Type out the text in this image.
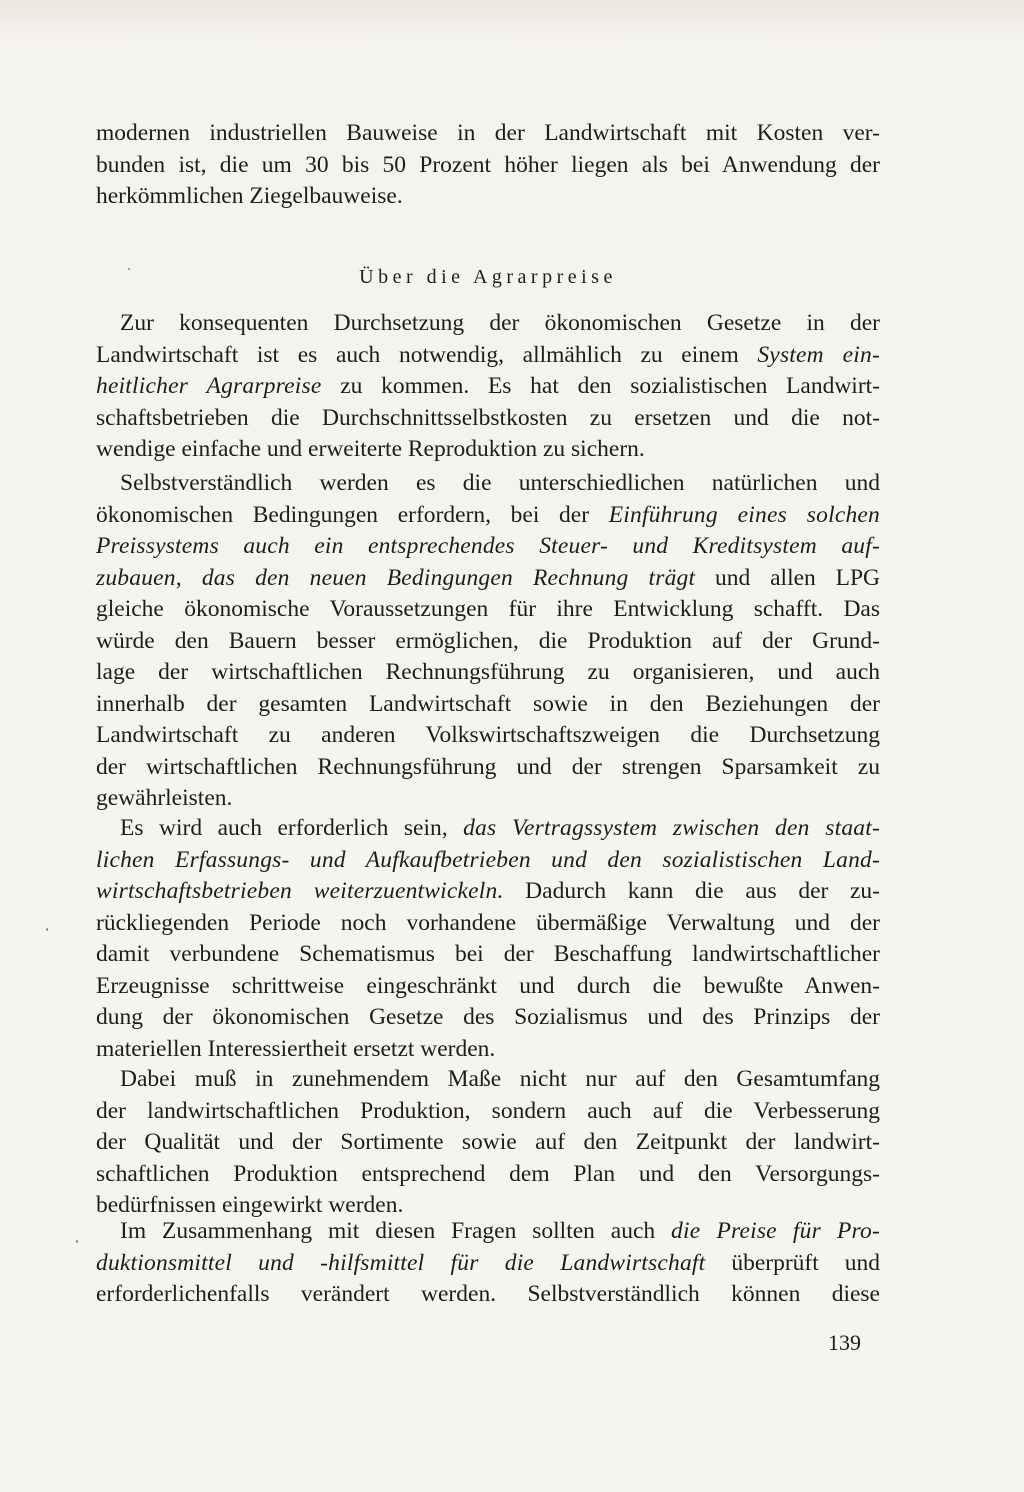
modernen industriellen Bauweise in der Landwirtschaft mit Kosten ver-
bunden ist, die um 30 bis 50 Prozent höher liegen als bei Anwendung der
herkömmlichen Ziegelbauweise.
Über die Agrarpreise
Zur konsequenten Durchsetzung der ökonomischen Gesetze in der
Landwirtschaft ist es auch notwendig, allmählich zu einem System ein-
heitlicher Agrarpreise zu kommen. Es hat den sozialistischen Landwirt-
schaftsbetrieben die Durchschnittsselbstkosten zu ersetzen und die not-
wendige einfache und erweiterte Reproduktion zu sichern.
Selbstverständlich werden es die unterschiedlichen natürlichen und
ökonomischen Bedingungen erfordern, bei der Einführung eines solchen
Preissystems auch ein entsprechendes Steuer- und Kreditsystem auf-
zubauen, das den neuen Bedingungen Rechnung trägt und allen LPG
gleiche ökonomische Voraussetzungen für ihre Entwicklung schafft. Das
würde den Bauern besser ermöglichen, die Produktion auf der Grund-
lage der wirtschaftlichen Rechnungsführung zu organisieren, und auch
innerhalb der gesamten Landwirtschaft sowie in den Beziehungen der
Landwirtschaft zu anderen Volkswirtschaftszweigen die Durchsetzung
der wirtschaftlichen Rechnungsführung und der strengen Sparsamkeit zu
gewährleisten.
Es wird auch erforderlich sein, das Vertragssystem zwischen den staat-
lichen Erfassungs- und Aufkaufbetrieben und den sozialistischen Land-
wirtschaftsbetrieben weiterzuentwickeln. Dadurch kann die aus der zu-
rückliegenden Periode noch vorhandene übermäßige Verwaltung und der
damit verbundene Schematismus bei der Beschaffung landwirtschaftlicher
Erzeugnisse schrittweise eingeschränkt und durch die bewußte Anwen-
dung der ökonomischen Gesetze des Sozialismus und des Prinzips der
materiellen Interessiertheit ersetzt werden.
Dabei muß in zunehmendem Maße nicht nur auf den Gesamtumfang
der landwirtschaftlichen Produktion, sondern auch auf die Verbesserung
der Qualität und der Sortimente sowie auf den Zeitpunkt der landwirt-
schaftlichen Produktion entsprechend dem Plan und den Versorgungs-
bedürfnissen eingewirkt werden.
Im Zusammenhang mit diesen Fragen sollten auch die Preise für Pro-
duktionsmittel und -hilfsmittel für die Landwirtschaft überprüft und
erforderlichenfalls verändert werden. Selbstverständlich können diese
139
